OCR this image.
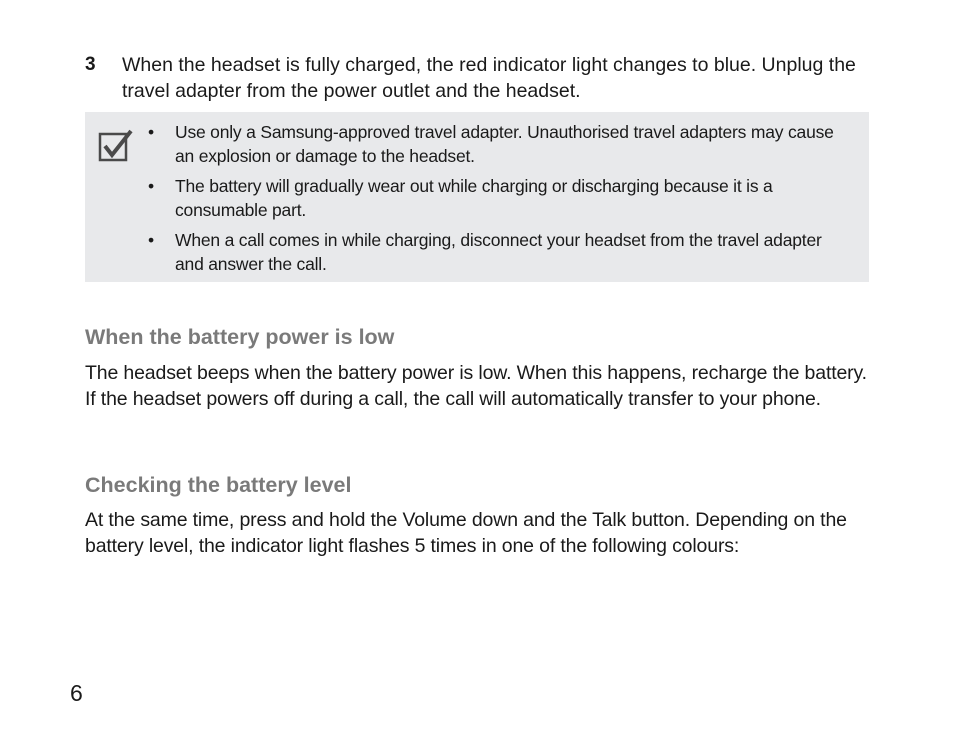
3	When the headset is fully charged, the red indicator light changes to blue. Unplug the travel adapter from the power outlet and the headset.
•	Use only a Samsung-approved travel adapter. Unauthorised travel adapters may cause an explosion or damage to the headset.
•	The battery will gradually wear out while charging or discharging because it is a consumable part.
•	When a call comes in while charging, disconnect your headset from the travel adapter and answer the call.
When the battery power is low

The headset beeps when the battery power is low. When this happens, recharge the battery. If the headset powers off during a call, the call will automatically transfer to your phone.

Checking the battery level

At the same time, press and hold the Volume down and the Talk button. Depending on the battery level, the indicator light flashes 5 times in one of the following colours:

6
